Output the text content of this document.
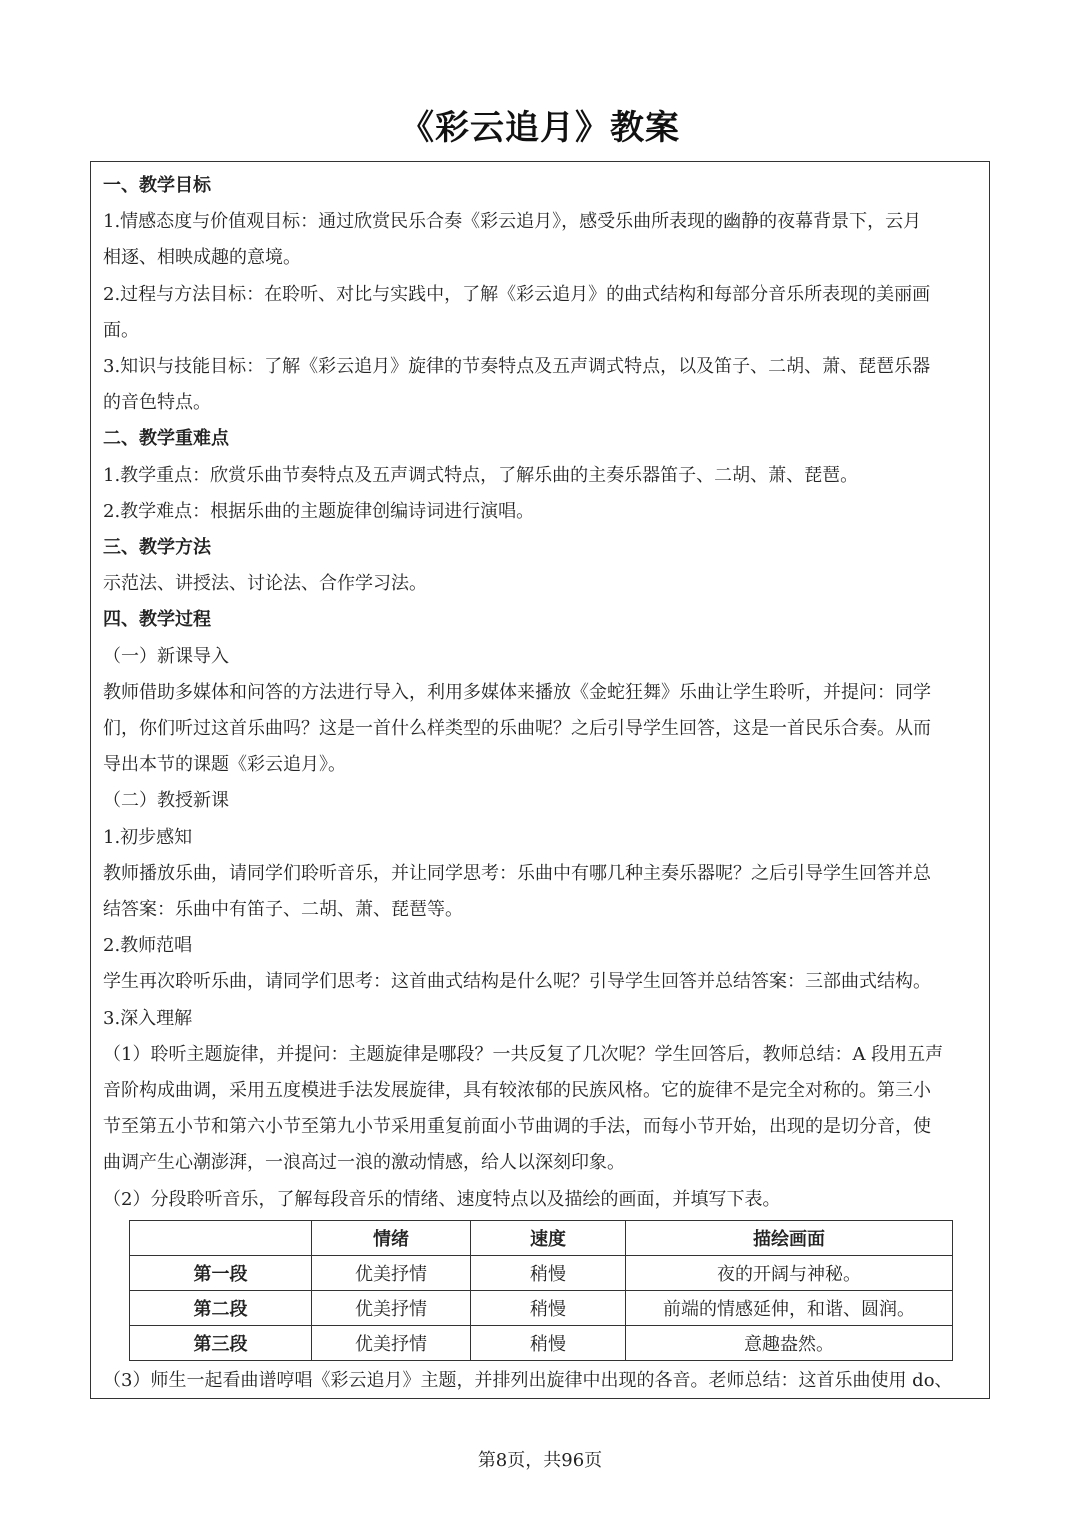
《彩云追月》教案
一、教学目标
1.情感态度与价值观目标：通过欣赏民乐合奏《彩云追月》，感受乐曲所表现的幽静的夜幕背景下，云月
相逐、相映成趣的意境。
2.过程与方法目标：在聆听、对比与实践中，了解《彩云追月》的曲式结构和每部分音乐所表现的美丽画
面。
3.知识与技能目标：了解《彩云追月》旋律的节奏特点及五声调式特点，以及笛子、二胡、萧、琵琶乐器
的音色特点。
二、教学重难点
1.教学重点：欣赏乐曲节奏特点及五声调式特点，了解乐曲的主奏乐器笛子、二胡、萧、琵琶。
2.教学难点：根据乐曲的主题旋律创编诗词进行演唱。
三、教学方法
示范法、讲授法、讨论法、合作学习法。
四、教学过程
（一）新课导入
教师借助多媒体和问答的方法进行导入，利用多媒体来播放《金蛇狂舞》乐曲让学生聆听，并提问：同学
们，你们听过这首乐曲吗？这是一首什么样类型的乐曲呢？之后引导学生回答，这是一首民乐合奏。从而
导出本节的课题《彩云追月》。
（二）教授新课
1.初步感知
教师播放乐曲，请同学们聆听音乐，并让同学思考：乐曲中有哪几种主奏乐器呢？之后引导学生回答并总
结答案：乐曲中有笛子、二胡、萧、琵琶等。
2.教师范唱
学生再次聆听乐曲，请同学们思考：这首曲式结构是什么呢？引导学生回答并总结答案：三部曲式结构。
3.深入理解
（1）聆听主题旋律，并提问：主题旋律是哪段？一共反复了几次呢？学生回答后，教师总结：A 段用五声
音阶构成曲调，采用五度模进手法发展旋律，具有较浓郁的民族风格。它的旋律不是完全对称的。第三小
节至第五小节和第六小节至第九小节采用重复前面小节曲调的手法，而每小节开始，出现的是切分音，使
曲调产生心潮澎湃，一浪高过一浪的激动情感，给人以深刻印象。
（2）分段聆听音乐，了解每段音乐的情绪、速度特点以及描绘的画面，并填写下表。
	情绪	速度	描绘画面
第一段	优美抒情	稍慢	夜的开阔与神秘。
第二段	优美抒情	稍慢	前端的情感延伸，和谐、圆润。
第三段	优美抒情	稍慢	意趣盎然。
（3）师生一起看曲谱哼唱《彩云追月》主题，并排列出旋律中出现的各音。老师总结：这首乐曲使用 do、
第8页，共96页
